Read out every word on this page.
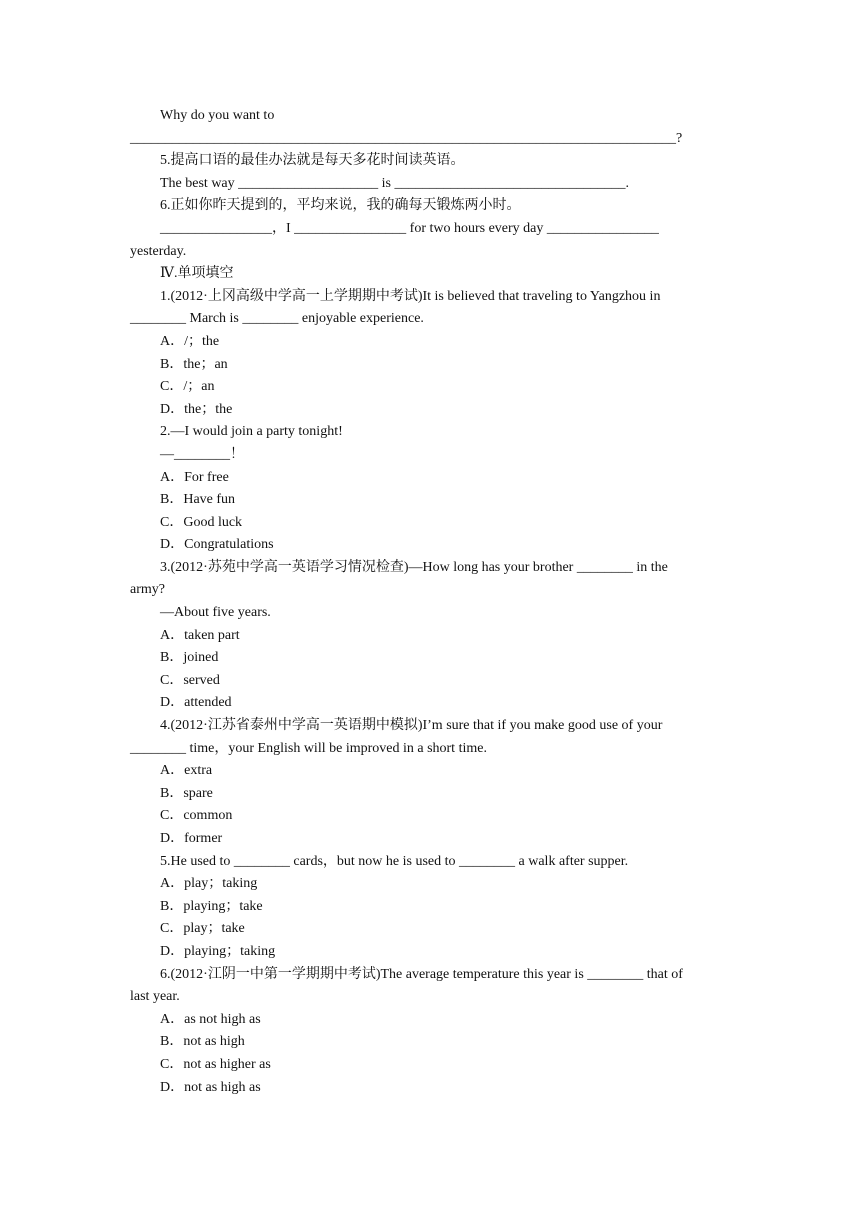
Why do you want to
______________________________________________________________________________?
5.提高口语的最佳办法就是每天多花时间读英语。
The best way ____________________ is _________________________________.
6.正如你昨天提到的，平均来说，我的确每天锻炼两小时。
________________，I ________________ for two hours every day ________________
yesterday.
Ⅳ.单项填空
1.(2012·上冈高级中学高一上学期期中考试)It is believed that traveling to Yangzhou in
________ March is ________ enjoyable experience.
A．/；the
B．the；an
C．/；an
D．the；the
2.—I would join a party tonight!
—________！
A．For free
B．Have fun
C．Good luck
D．Congratulations
3.(2012·苏苑中学高一英语学习情况检查)—How long has your brother ________ in the
army?
—About five years.
A．taken part
B．joined
C．served
D．attended
4.(2012·江苏省泰州中学高一英语期中模拟)I’m sure that if you make good use of your
________ time，your English will be improved in a short time.
A．extra
B．spare
C．common
D．former
5.He used to ________ cards，but now he is used to ________ a walk after supper.
A．play；taking
B．playing；take
C．play；take
D．playing；taking
6.(2012·江阴一中第一学期期中考试)The average temperature this year is ________ that of
last year.
A．as not high as
B．not as high
C．not as higher as
D．not as high as
